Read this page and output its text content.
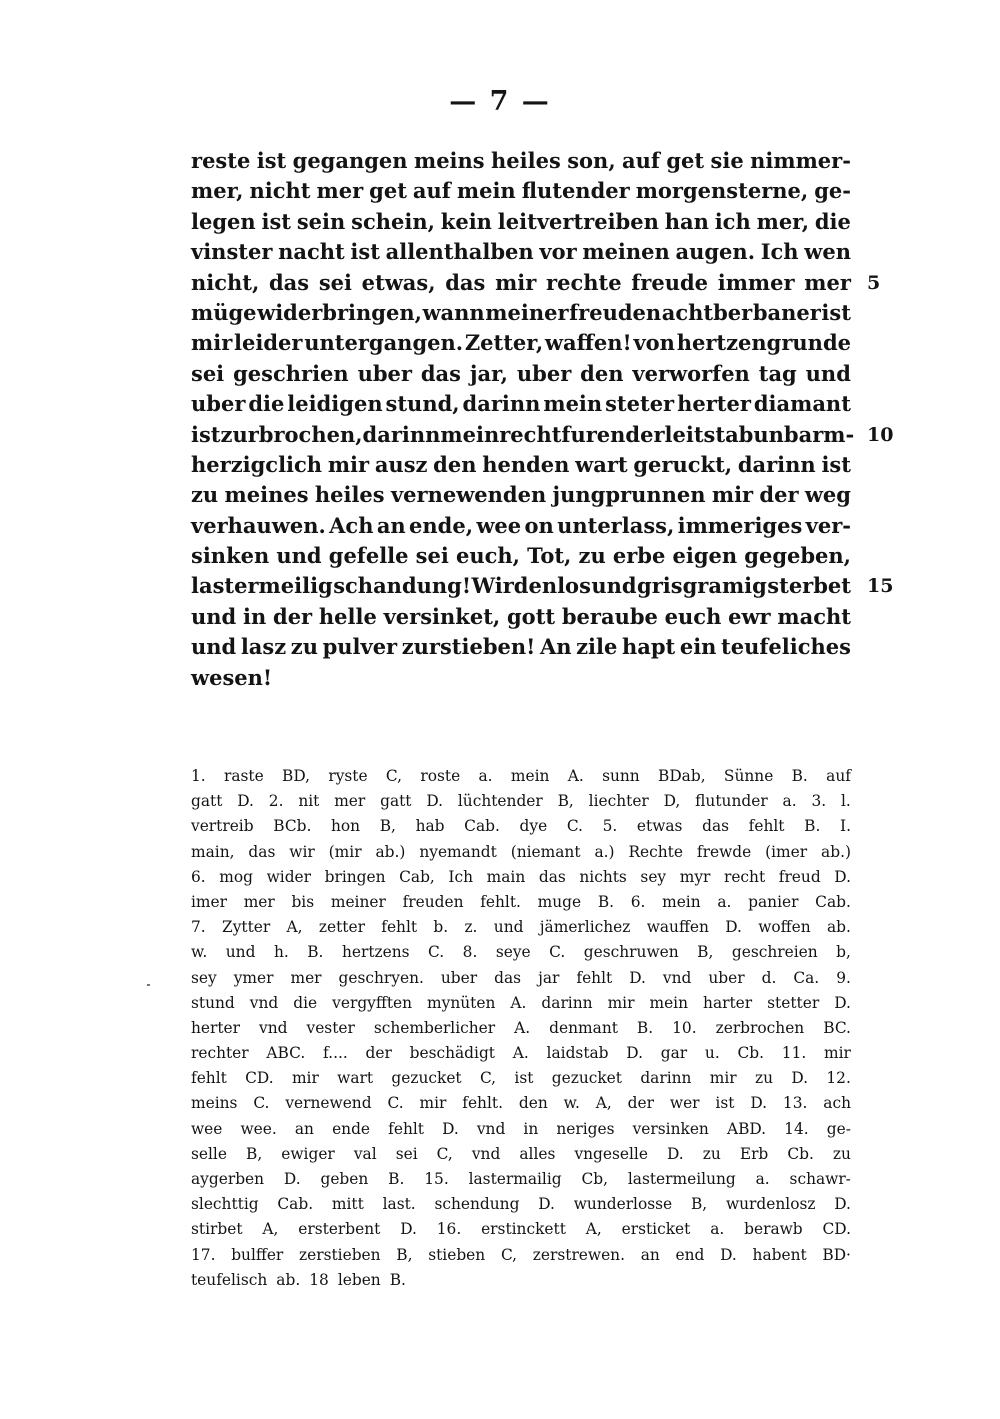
— 7 —
reste ist gegangen meins heiles son, auf get sie nimmer-
mer, nicht mer get auf mein flutender morgensterne, ge-
legen ist sein schein, kein leitvertreiben han ich mer, die
vinster nacht ist allenthalben vor meinen augen. Ich wen
nicht, das sei etwas, das mir rechte freude immer mer 5
müge widerbringen, wann meiner freuden achtber baner ist
mir leider untergangen. Zetter, waffen! von hertzengrunde
sei geschrien uber das jar, uber den verworfen tag und
uber die leidigen stund, darinn mein steter herter diamant
ist zurbrochen, darinn mein recht furender leitstab unbarm- 10
herzigclich mir ausz den henden wart geruckt, darinn ist
zu meines heiles vernewenden jungprunnen mir der weg
verhauwen. Ach an ende, wee on unterlass, immeriges ver-
sinken und gefelle sei euch, Tot, zu erbe eigen gegeben,
lastermeilig schandung! Wirdenlos und grisgramig sterbet 15
und in der helle versinket, gott beraube euch ewr macht
und lasz zu pulver zurstieben! An zile hapt ein teufeliches
wesen!
1. raste BD, ryste C, roste a. mein A. sunn BDab, Sünne B. auf
gatt D. 2. nit mer gatt D. lüchtender B, liechter D, flutunder a. 3. l.
vertreib BCb. hon B, hab Cab. dye C. 5. etwas das fehlt B. I.
main, das wir (mir ab.) nyemandt (niemant a.) Rechte frewde (imer ab.)
6. mog wider bringen Cab, Ich main das nichts sey myr recht freud D.
imer mer bis meiner freuden fehlt. muge B. 6. mein a. panier Cab.
7. Zytter A, zetter fehlt b. z. und jämerlichez wauffen D. woffen ab.
w. und h. B. hertzens C. 8. seye C. geschruwen B, geschreien b,
sey ymer mer geschryen. uber das jar fehlt D. vnd uber d. Ca. 9.
stund vnd die vergyfften mynüten A. darinn mir mein harter stetter D.
herter vnd vester schemberlicher A. denmant B. 10. zerbrochen BC.
rechter ABC. f.... der beschädigt A. laidstab D. gar u. Cb. 11. mir
fehlt CD. mir wart gezucket C, ist gezucket darinn mir zu D. 12.
meins C. vernewend C. mir fehlt. den w. A, der wer ist D. 13. ach
wee wee. an ende fehlt D. vnd in neriges versinken ABD. 14. ge-
selle B, ewiger val sei C, vnd alles vngeselle D. zu Erb Cb. zu
aygerben D. geben B. 15. lastermailig Cb, lastermeilung a. schawr-
slechttig Cab. mitt last. schendung D. wunderlosse B, wurdenlosz D.
stirbet A, ersterbent D. 16. erstinckett A, ersticket a. berawb CD.
17. bulffer zerstieben B, stieben C, zerstrewen. an end D. habent BD·
teufelisch ab. 18 leben B.
